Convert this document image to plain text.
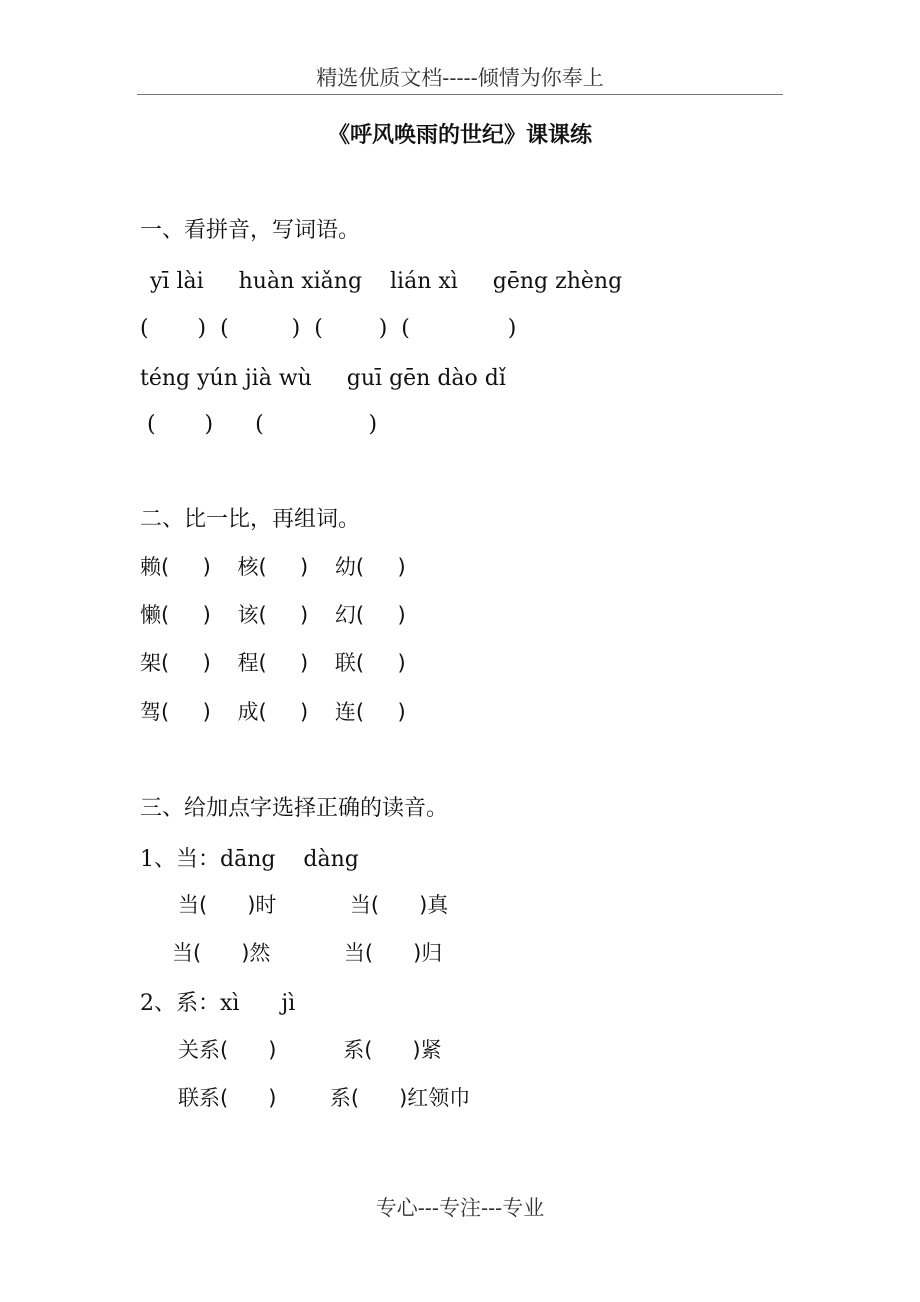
精选优质文档-----倾情为你奉上
《呼风唤雨的世纪》课课练
一、看拼音，写词语。
yī lài     huàn xiǎng    lián xì     gēng zhèng
(       )  (         )  (        )  (              )
téng yún jià wù     guī gēn dào dǐ
(       )      (               )
二、比一比，再组词。
赖(     )    核(     )    幼(     )
懒(     )    该(     )    幻(     )
架(     )    程(     )    联(     )
驾(     )    成(     )    连(     )
三、给加点字选择正确的读音。
1、当：dāng    dàng
当(      )时           当(      )真
当(      )然           当(      )归
2、系：xì      jì
关系(      )          系(      )紧
联系(      )        系(      )红领巾
专心---专注---专业
